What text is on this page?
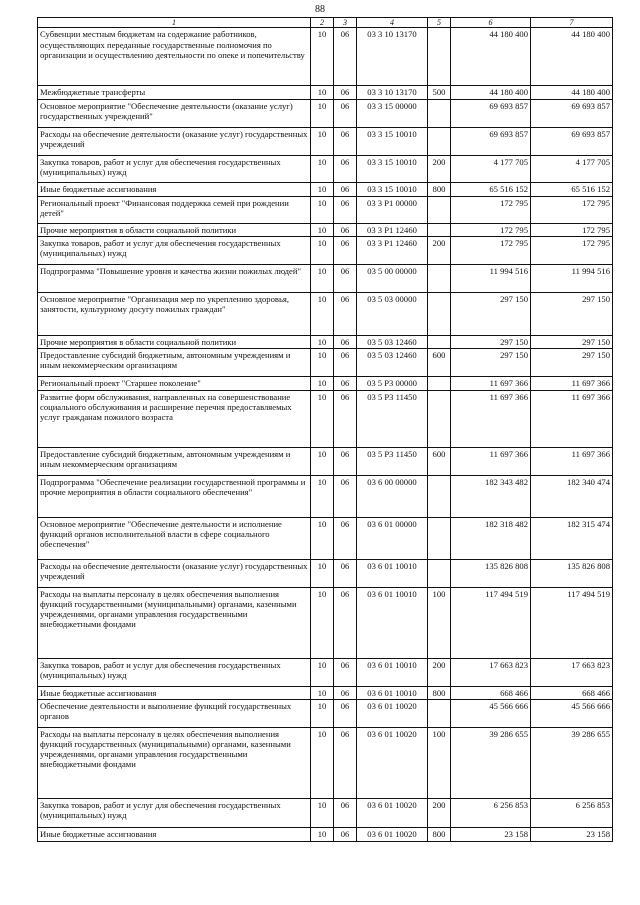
88
1	2	3	4	5	6	7
Субвенции местным бюджетам на содержание работников, осуществляющих переданные государственные полномочия по организации и осуществлению деятельности по опеке и попечительству	10	06	03 3 10 13170		44 180 400	44 180 400
Межбюджетные трансферты	10	06	03 3 10 13170	500	44 180 400	44 180 400
Основное мероприятие "Обеспечение деятельности (оказание услуг) государственных учреждений"	10	06	03 3 15 00000		69 693 857	69 693 857
Расходы на обеспечение деятельности (оказание услуг) государственных учреждений	10	06	03 3 15 10010		69 693 857	69 693 857
Закупка товаров, работ и услуг для обеспечения государственных (муниципальных) нужд	10	06	03 3 15 10010	200	4 177 705	4 177 705
Иные бюджетные ассигнования	10	06	03 3 15 10010	800	65 516 152	65 516 152
Региональный проект "Финансовая поддержка семей при рождении детей"	10	06	03 3 P1 00000		172 795	172 795
Прочие мероприятия в области социальной политики	10	06	03 3 P1 12460		172 795	172 795
Закупка товаров, работ и услуг для обеспечения государственных (муниципальных) нужд	10	06	03 3 P1 12460	200	172 795	172 795
Подпрограмма "Повышение уровня и качества жизни пожилых людей"	10	06	03 5 00 00000		11 994 516	11 994 516
Основное мероприятие "Организация мер по укреплению здоровья, занятости, культурному досугу пожилых граждан"	10	06	03 5 03 00000		297 150	297 150
Прочие мероприятия в области социальной политики	10	06	03 5 03 12460		297 150	297 150
Предоставление субсидий бюджетным, автономным учреждениям и иным некоммерческим организациям	10	06	03 5 03 12460	600	297 150	297 150
Региональный проект "Старшее поколение"	10	06	03 5 P3 00000		11 697 366	11 697 366
Развитие форм обслуживания, направленных на совершенствование социального обслуживания и расширение перечня предоставляемых услуг гражданам пожилого возраста	10	06	03 5 P3 11450		11 697 366	11 697 366
Предоставление субсидий бюджетным, автономным учреждениям и иным некоммерческим организациям	10	06	03 5 P3 11450	600	11 697 366	11 697 366
Подпрограмма "Обеспечение реализации государственной программы и прочие мероприятия в области социального обеспечения"	10	06	03 6 00 00000		182 343 482	182 340 474
Основное мероприятие "Обеспечение деятельности и исполнение функций органов исполнительной власти в сфере социального обеспечения"	10	06	03 6 01 00000		182 318 482	182 315 474
Расходы на обеспечение деятельности (оказание услуг) государственных учреждений	10	06	03 6 01 10010		135 826 808	135 826 808
Расходы на выплаты персоналу в целях обеспечения выполнения функций государственными (муниципальными) органами, казенными учреждениями, органами управления государственными внебюджетными фондами	10	06	03 6 01 10010	100	117 494 519	117 494 519
Закупка товаров, работ и услуг для обеспечения государственных (муниципальных) нужд	10	06	03 6 01 10010	200	17 663 823	17 663 823
Иные бюджетные ассигнования	10	06	03 6 01 10010	800	668 466	668 466
Обеспечение деятельности и выполнение функций государственных органов	10	06	03 6 01 10020		45 566 666	45 566 666
Расходы на выплаты персоналу в целях обеспечения выполнения функций государственных (муниципальными) органами, казенными учреждениями, органами управления государственными внебюджетными фондами	10	06	03 6 01 10020	100	39 286 655	39 286 655
Закупка товаров, работ и услуг для обеспечения государственных (муниципальных) нужд	10	06	03 6 01 10020	200	6 256 853	6 256 853
Иные бюджетные ассигнования	10	06	03 6 01 10020	800	23 158	23 158
